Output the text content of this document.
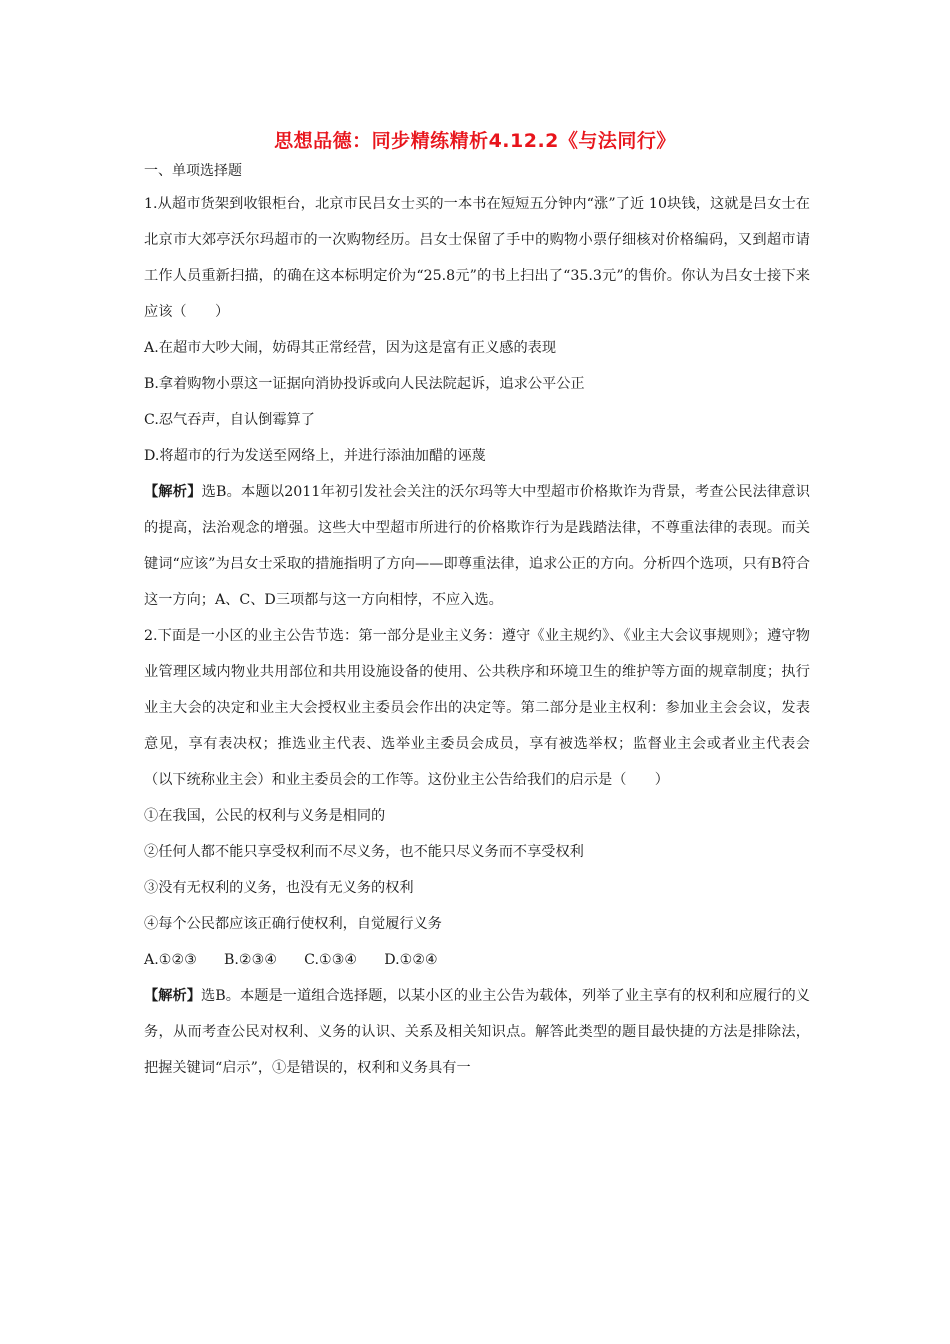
思想品德：同步精练精析4.12.2《与法同行》
一、单项选择题

1.从超市货架到收银柜台，北京市民吕女士买的一本书在短短五分钟内“涨”了近 10块钱，这就是吕女士在北京市大郊亭沃尔玛超市的一次购物经历。吕女士保留了手中的购物小票仔细核对价格编码，又到超市请工作人员重新扫描，的确在这本标明定价为“25.8元”的书上扫出了“35.3元”的售价。你认为吕女士接下来应该（　　）

A.在超市大吵大闹，妨碍其正常经营，因为这是富有正义感的表现

B.拿着购物小票这一证据向消协投诉或向人民法院起诉，追求公平公正

C.忍气吞声，自认倒霉算了

D.将超市的行为发送至网络上，并进行添油加醋的诬蔑

【解析】选B。本题以2011年初引发社会关注的沃尔玛等大中型超市价格欺诈为背景，考查公民法律意识的提高，法治观念的增强。这些大中型超市所进行的价格欺诈行为是践踏法律，不尊重法律的表现。而关键词“应该”为吕女士采取的措施指明了方向——即尊重法律，追求公正的方向。分析四个选项，只有B符合这一方向；A、C、D三项都与这一方向相悖，不应入选。

2.下面是一小区的业主公告节选：第一部分是业主义务：遵守《业主规约》、《业主大会议事规则》；遵守物业管理区域内物业共用部位和共用设施设备的使用、公共秩序和环境卫生的维护等方面的规章制度；执行业主大会的决定和业主大会授权业主委员会作出的决定等。第二部分是业主权利：参加业主会会议，发表意见，享有表决权；推选业主代表、选举业主委员会成员，享有被选举权；监督业主会或者业主代表会（以下统称业主会）和业主委员会的工作等。这份业主公告给我们的启示是（　　）

①在我国，公民的权利与义务是相同的

②任何人都不能只享受权利而不尽义务，也不能只尽义务而不享受权利

③没有无权利的义务，也没有无义务的权利

④每个公民都应该正确行使权利，自觉履行义务

A.①②③ B.②③④ C.①③④ D.①②④

【解析】选B。本题是一道组合选择题，以某小区的业主公告为载体，列举了业主享有的权利和应履行的义务，从而考查公民对权利、义务的认识、关系及相关知识点。解答此类型的题目最快捷的方法是排除法，把握关键词“启示”，①是错误的，权利和义务具有一
